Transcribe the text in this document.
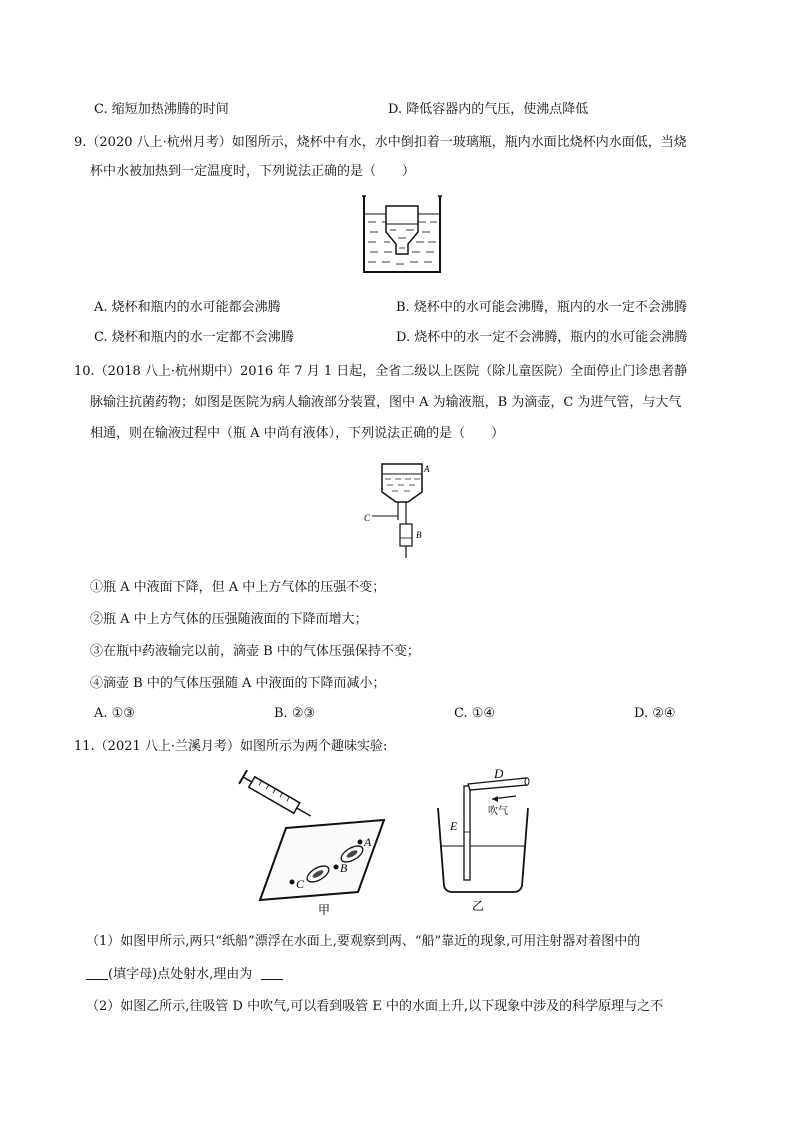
C. 缩短加热沸腾的时间	D. 降低容器内的气压，使沸点降低
9.（2020 八上·杭州月考）如图所示，烧杯中有水，水中倒扣着一玻璃瓶，瓶内水面比烧杯内水面低，当烧
杯中水被加热到一定温度时，下列说法正确的是（　　）
A. 烧杯和瓶内的水可能都会沸腾	B. 烧杯中的水可能会沸腾，瓶内的水一定不会沸腾
C. 烧杯和瓶内的水一定都不会沸腾	D. 烧杯中的水一定不会沸腾，瓶内的水可能会沸腾
10.（2018 八上·杭州期中）2016 年 7 月 1 日起，全省二级以上医院（除儿童医院）全面停止门诊患者静
脉输注抗菌药物；如图是医院为病人输液部分装置，图中 A 为输液瓶，B 为滴壶，C 为进气管，与大气
相通，则在输液过程中（瓶 A 中尚有液体），下列说法正确的是（　　）
A
C
B
①瓶 A 中液面下降，但 A 中上方气体的压强不变；
②瓶 A 中上方气体的压强随液面的下降而增大；
③在瓶中药液输完以前，滴壶 B 中的气体压强保持不变；
④滴壶 B 中的气体压强随 A 中液面的下降而减小；
A. ①③	B. ②③	C. ①④	D. ②④
11.（2021 八上·兰溪月考）如图所示为两个趣味实验:
A
B
C
甲
E
D
吹气
乙
（1）如图甲所示,两只“纸船”漂浮在水面上,要观察到两、“船”靠近的现象,可用注射器对着图中的
(填字母)点处射水,理由为
（2）如图乙所示,往吸管 D 中吹气,可以看到吸管 E 中的水面上升,以下现象中涉及的科学原理与之不
